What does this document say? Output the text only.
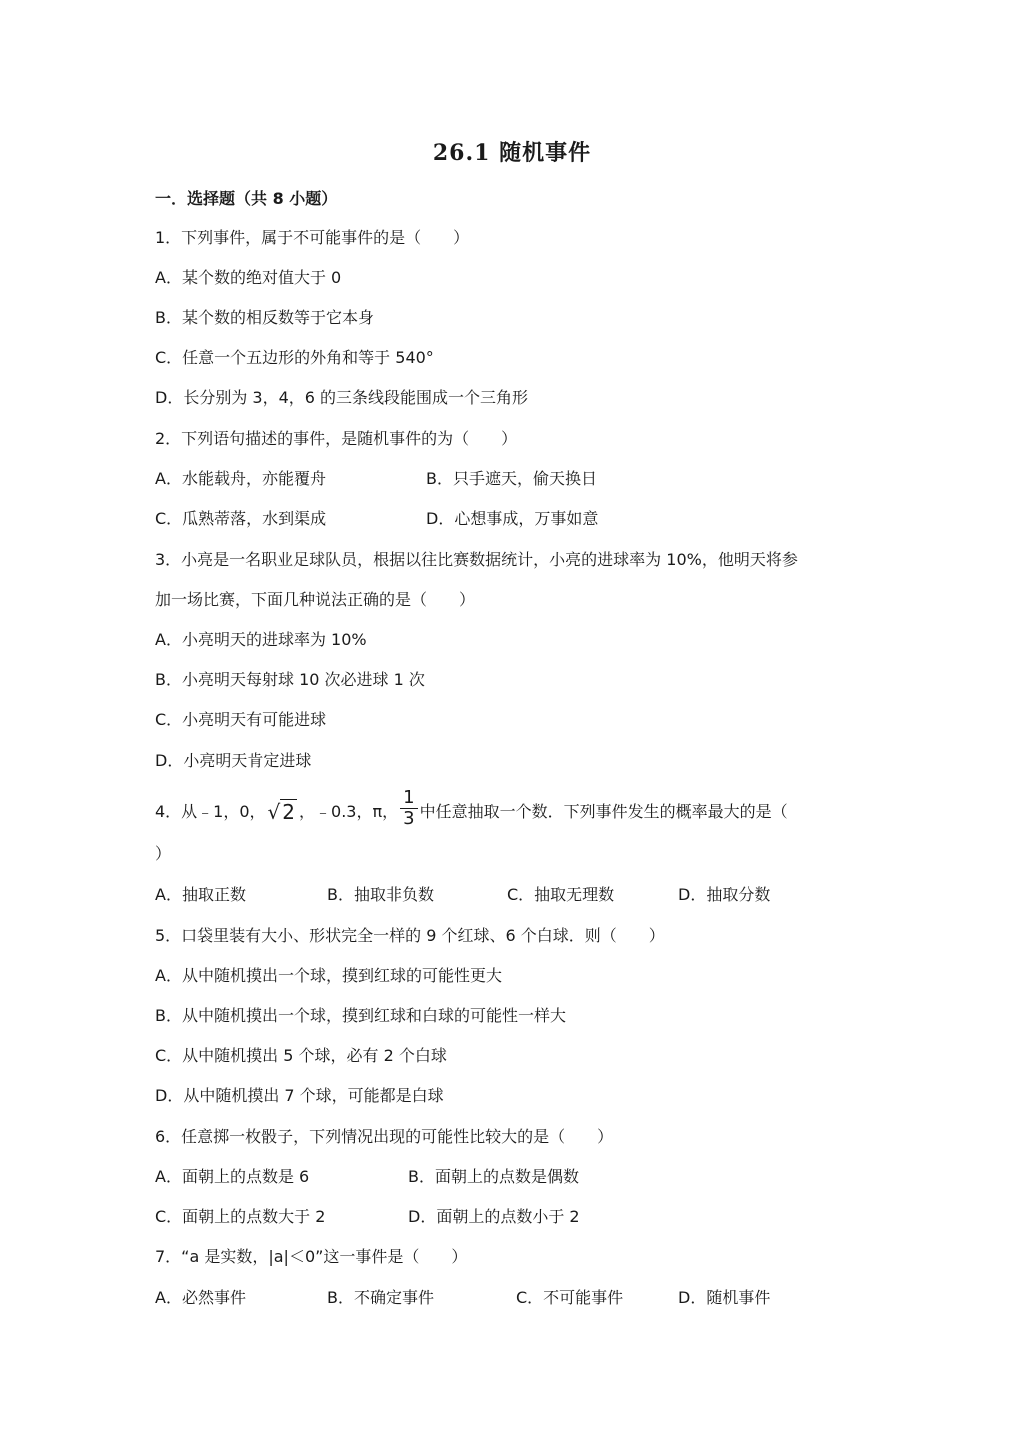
26.1 随机事件
一．选择题（共 8 小题）
1．下列事件，属于不可能事件的是（　　）
A．某个数的绝对值大于 0
B．某个数的相反数等于它本身
C．任意一个五边形的外角和等于 540°
D．长分别为 3，4，6 的三条线段能围成一个三角形
2．下列语句描述的事件，是随机事件的为（　　）
A．水能载舟，亦能覆舟	B．只手遮天，偷天换日
C．瓜熟蒂落，水到渠成	D．心想事成，万事如意
3．小亮是一名职业足球队员，根据以往比赛数据统计，小亮的进球率为 10%，他明天将参
加一场比赛，下面几种说法正确的是（　　）
A．小亮明天的进球率为 10%
B．小亮明天每射球 10 次必进球 1 次
C．小亮明天有可能进球
D．小亮明天肯定进球
4．从﹣1，0， √ 2 ，﹣0.3，π， $\frac{1}{3}$ 中任意抽取一个数．下列事件发生的概率最大的是（
）
A．抽取正数	B．抽取非负数	C．抽取无理数	D．抽取分数
5．口袋里装有大小、形状完全一样的 9 个红球、6 个白球．则（　　）
A．从中随机摸出一个球，摸到红球的可能性更大
B．从中随机摸出一个球，摸到红球和白球的可能性一样大
C．从中随机摸出 5 个球，必有 2 个白球
D．从中随机摸出 7 个球，可能都是白球
6．任意掷一枚骰子，下列情况出现的可能性比较大的是（　　）
A．面朝上的点数是 6	B．面朝上的点数是偶数
C．面朝上的点数大于 2	D．面朝上的点数小于 2
7．“a 是实数，|a|＜0”这一事件是（　　）
A．必然事件	B．不确定事件	C．不可能事件	D．随机事件
